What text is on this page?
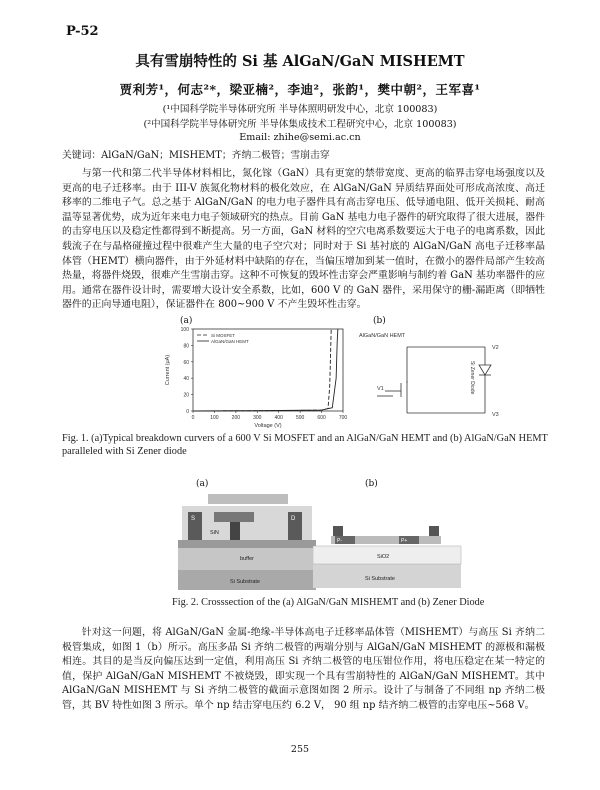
P-52
具有雪崩特性的 Si 基 AlGaN/GaN MISHEMT
贾利芳¹，何志²*，梁亚楠²，李迪²，张韵¹，樊中朝²，王军喜¹
(¹中国科学院半导体研究所 半导体照明研发中心，北京 100083)
(²中国科学院半导体研究所 半导体集成技术工程研究中心，北京 100083)
Email: zhihe@semi.ac.cn
关键词：AlGaN/GaN；MISHEMT；齐纳二极管；雪崩击穿
与第一代和第二代半导体材料相比，氮化镓（GaN）具有更宽的禁带宽度、更高的临界击穿电场强度以及更高的电子迁移率。由于 III-V 族氮化物材料的极化效应，在 AlGaN/GaN 异质结界面处可形成高浓度、高迁移率的二维电子气。总之基于 AlGaN/GaN 的电力电子器件具有高击穿电压、低导通电阻、低开关损耗、耐高温等显著优势，成为近年来电力电子领域研究的热点。目前 GaN 基电力电子器件的研究取得了很大进展，器件的击穿电压以及稳定性都得到不断提高。另一方面，GaN 材料的空穴电离系数要远大于电子的电离系数，因此载流子在与晶格碰撞过程中很难产生大量的电子空穴对；同时对于 Si 基衬底的 AlGaN/GaN 高电子迁移率晶体管（HEMT）横向器件，由于外延材料中缺陷的存在，当偏压增加到某一值时，在微小的器件局部产生较高热量，将器件烧毁，很难产生雪崩击穿。这种不可恢复的毁坏性击穿会严重影响与制约着 GaN 基功率器件的应用。通常在器件设计时，需要增大设计安全系数，比如，600 V 的 GaN 器件，采用保守的栅-漏距离（即牺牲器件的正向导通电阻），保证器件在 800~900 V 不产生毁坏性击穿。
(a)	(b)
0	100	200	300	400	500	600	700
0
20
40
60
80
100
Voltage (V)
Current (μA)
Si MOSFET
AlGaN/GaN HEMT
AlGaN/GaN HEMT
V1
V2
V3
Si Zener Diode
Fig. 1. (a)Typical breakdown curvers of a 600 V Si MOSFET and an AlGaN/GaN HEMT and (b) AlGaN/GaN HEMT paralleled with Si Zener diode
(a)	(b)
S	D
SiN
buffer
Si Substrate
P-	P+
SiO2
Si Substrate
Fig. 2. Crosssection of the (a) AlGaN/GaN MISHEMT and (b) Zener Diode
针对这一问题，将 AlGaN/GaN 金属-绝缘-半导体高电子迁移率晶体管（MISHEMT）与高压 Si 齐纳二极管集成，如图 1（b）所示。高压多晶 Si 齐纳二极管的两端分别与 AlGaN/GaN MISHEMT 的源极和漏极相连。其目的是当反向偏压达到一定值，利用高压 Si 齐纳二极管的电压钳位作用，将电压稳定在某一特定的值，保护 AlGaN/GaN MISHEMT 不被烧毁，即实现一个具有雪崩特性的 AlGaN/GaN MISHEMT。其中 AlGaN/GaN MISHEMT 与 Si 齐纳二极管的截面示意图如图 2 所示。设计了与制备了不同组 np 齐纳二极管，其 BV 特性如图 3 所示。单个 np 结击穿电压约 6.2 V， 90 组 np 结齐纳二极管的击穿电压~568 V。
255
